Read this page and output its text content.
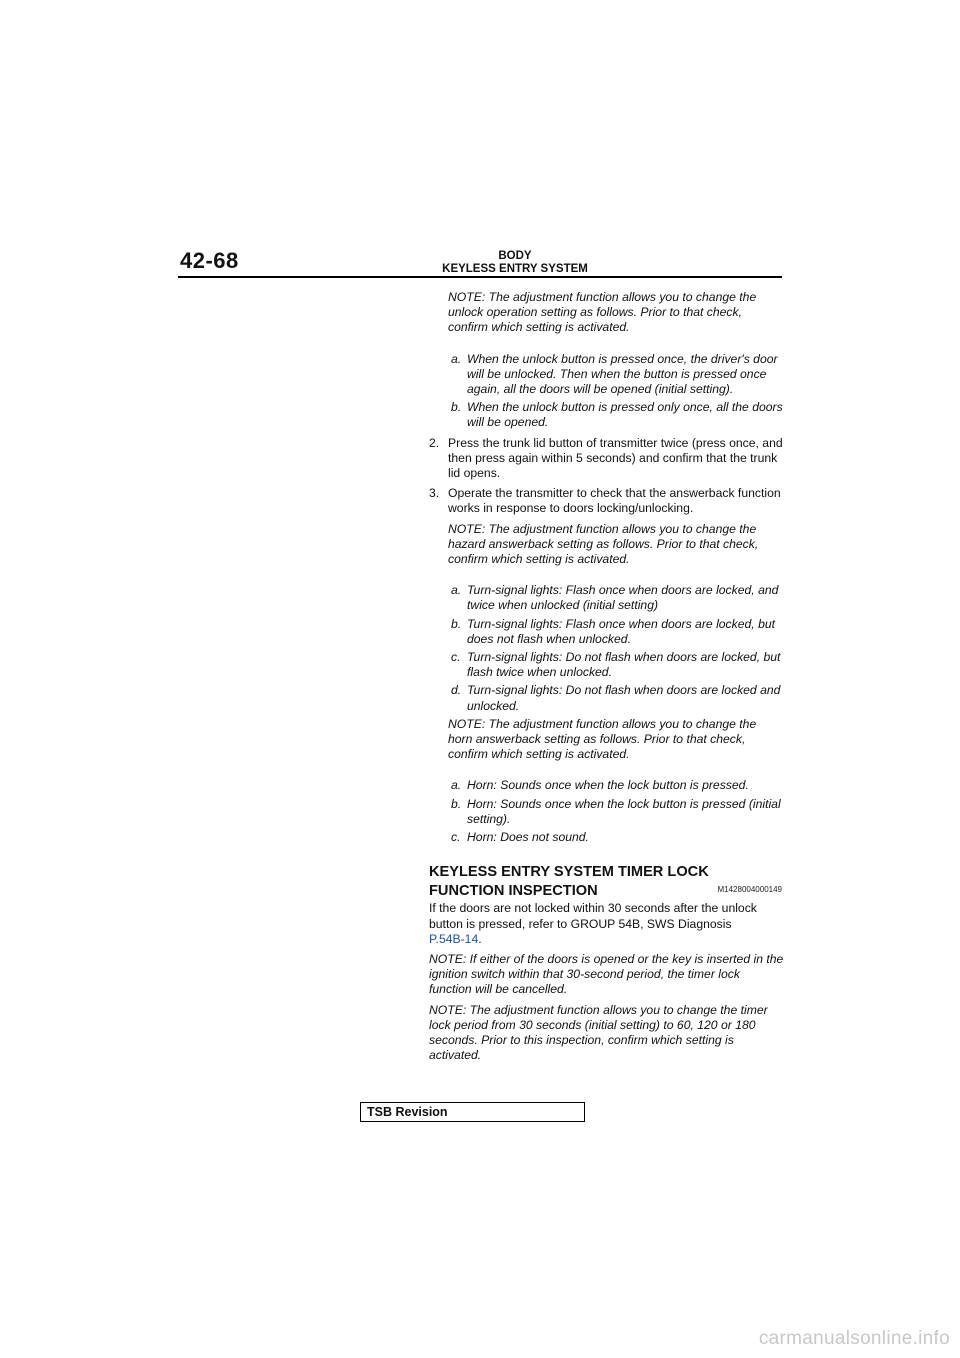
42-68	BODY
KEYLESS ENTRY SYSTEM

NOTE: The adjustment function allows you to change the unlock operation setting as follows. Prior to that check, confirm which setting is activated.

a. When the unlock button is pressed once, the driver's door will be unlocked. Then when the button is pressed once again, all the doors will be opened (initial setting).
b. When the unlock button is pressed only once, all the doors will be opened.
2. Press the trunk lid button of transmitter twice (press once, and then press again within 5 seconds) and confirm that the trunk lid opens.
3. Operate the transmitter to check that the answerback function works in response to doors locking/unlocking.

NOTE: The adjustment function allows you to change the hazard answerback setting as follows. Prior to that check, confirm which setting is activated.

a. Turn-signal lights: Flash once when doors are locked, and twice when unlocked (initial setting)
b. Turn-signal lights: Flash once when doors are locked, but does not flash when unlocked.
c. Turn-signal lights: Do not flash when doors are locked, but flash twice when unlocked.
d. Turn-signal lights: Do not flash when doors are locked and unlocked.

NOTE: The adjustment function allows you to change the horn answerback setting as follows. Prior to that check, confirm which setting is activated.

a. Horn: Sounds once when the lock button is pressed.
b. Horn: Sounds once when the lock button is pressed (initial setting).
c. Horn: Does not sound.
KEYLESS ENTRY SYSTEM TIMER LOCK FUNCTION INSPECTION	M1428004000149

If the doors are not locked within 30 seconds after the unlock button is pressed, refer to GROUP 54B, SWS Diagnosis
P.54B-14.

NOTE: If either of the doors is opened or the key is inserted in the ignition switch within that 30-second period, the timer lock function will be cancelled.

NOTE: The adjustment function allows you to change the timer lock period from 30 seconds (initial setting) to 60, 120 or 180 seconds. Prior to this inspection, confirm which setting is activated.

TSB Revision
carmanualsonline.info
